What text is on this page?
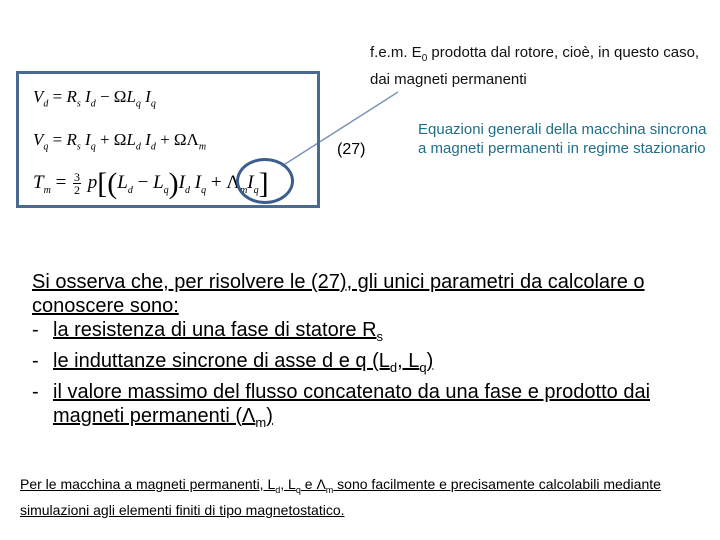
f.e.m. $E_0$ prodotta dal rotore, cioè, in questo caso, dai magneti permanenti
$V_d = R_s$ $I_d - \Omega L_q$ $I_q$
$V_q = R_s$ $I_q + \Omega L_d$ $I_d + \Omega\Lambda_m$
$T_m = \frac{3}{2} p[(L_d - L_q)I_d$ $I_q + \Lambda_mI_q$]
(27)
Equazioni generali della macchina sincrona a magneti permanenti in regime stazionario

Si osserva che, per risolvere le (27), gli unici parametri da calcolare o conoscere sono:

- la resistenza di una fase di statore $R_s$

- le induttanze sincrone di asse d e q ($L_d$, $L_q$)

- il valore massimo del flusso concatenato da una fase e prodotto dai magneti permanenti $(\Lambda_m)$

Per le macchina a magneti permanenti, $L_d$, $L_q$ e $\Lambda_m$ sono facilmente e precisamente calcolabili mediante simulazioni agli elementi finiti di tipo magnetostatico.
